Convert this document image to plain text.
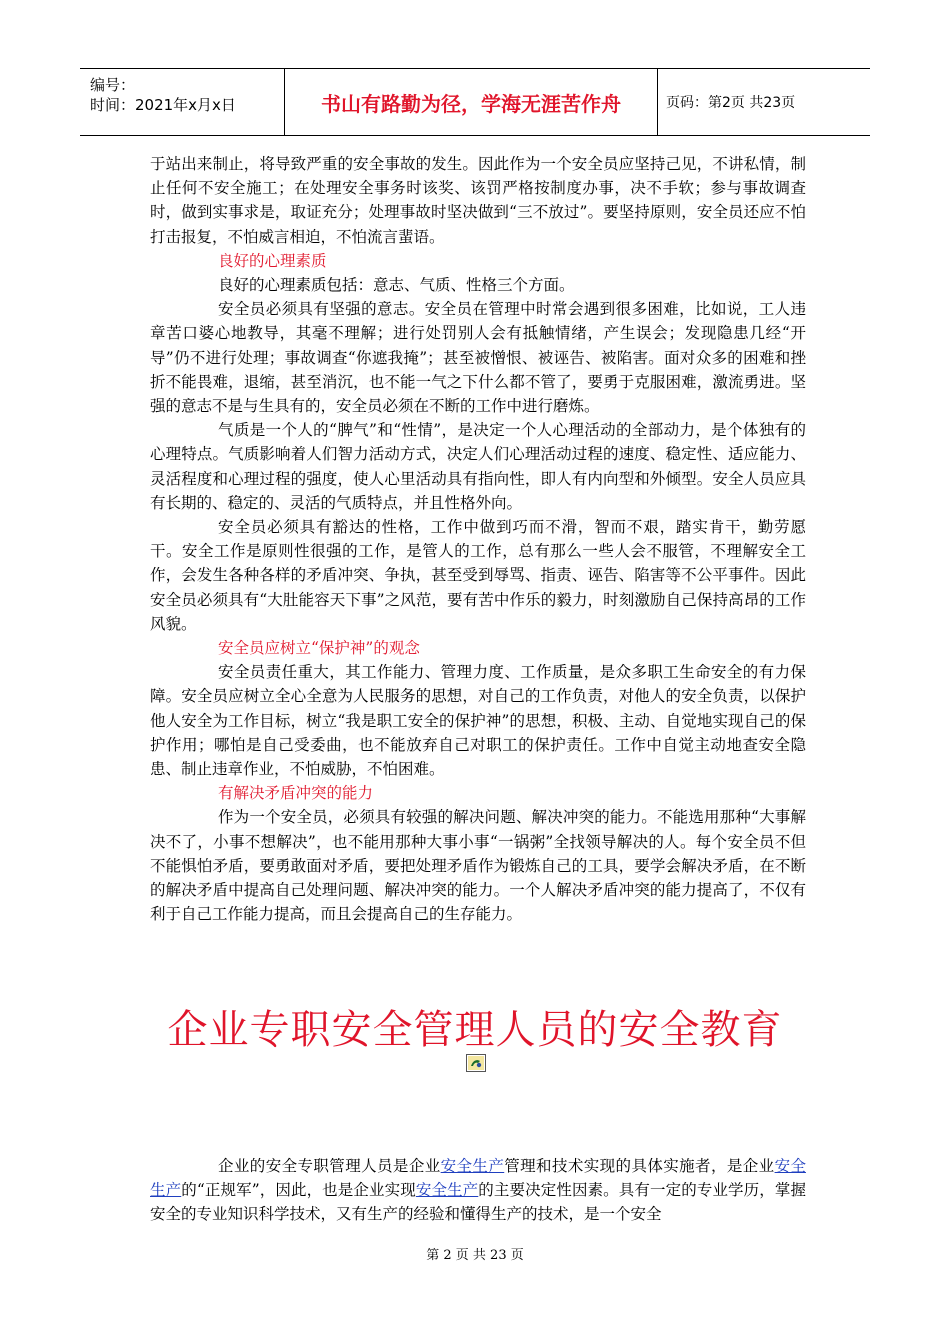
编号：
时间：2021年x月x日	书山有路勤为径，学海无涯苦作舟	页码：第2页 共23页

于站出来制止，将导致严重的安全事故的发生。因此作为一个安全员应坚持己见，不讲私情，制止任何不安全施工；在处理安全事务时该奖、该罚严格按制度办事，决不手软；参与事故调查时，做到实事求是，取证充分；处理事故时坚决做到“三不放过”。要坚持原则，安全员还应不怕打击报复，不怕威言相迫，不怕流言蜚语。

良好的心理素质

良好的心理素质包括：意志、气质、性格三个方面。

安全员必须具有坚强的意志。安全员在管理中时常会遇到很多困难，比如说，工人违章苦口婆心地教导，其毫不理解；进行处罚别人会有抵触情绪，产生误会；发现隐患几经“开导”仍不进行处理；事故调查“你遮我掩”；甚至被憎恨、被诬告、被陷害。面对众多的困难和挫折不能畏难，退缩，甚至消沉，也不能一气之下什么都不管了，要勇于克服困难，激流勇进。坚强的意志不是与生具有的，安全员必须在不断的工作中进行磨炼。

气质是一个人的“脾气”和“性情”，是决定一个人心理活动的全部动力，是个体独有的心理特点。气质影响着人们智力活动方式，决定人们心理活动过程的速度、稳定性、适应能力、灵活程度和心理过程的强度，使人心里活动具有指向性，即人有内向型和外倾型。安全人员应具有长期的、稳定的、灵活的气质特点，并且性格外向。

安全员必须具有豁达的性格，工作中做到巧而不滑，智而不艰，踏实肯干，勤劳愿干。安全工作是原则性很强的工作，是管人的工作，总有那么一些人会不服管，不理解安全工作，会发生各种各样的矛盾冲突、争执，甚至受到辱骂、指责、诬告、陷害等不公平事件。因此安全员必须具有“大肚能容天下事”之风范，要有苦中作乐的毅力，时刻激励自己保持高昂的工作风貌。

安全员应树立“保护神”的观念

安全员责任重大，其工作能力、管理力度、工作质量，是众多职工生命安全的有力保障。安全员应树立全心全意为人民服务的思想，对自己的工作负责，对他人的安全负责，以保护他人安全为工作目标，树立“我是职工安全的保护神”的思想，积极、主动、自觉地实现自己的保护作用；哪怕是自己受委曲，也不能放弃自己对职工的保护责任。工作中自觉主动地查安全隐患、制止违章作业，不怕威胁，不怕困难。

有解决矛盾冲突的能力

作为一个安全员，必须具有较强的解决问题、解决冲突的能力。不能选用那种“大事解决不了，小事不想解决”，也不能用那种大事小事“一锅粥”全找领导解决的人。每个安全员不但不能惧怕矛盾，要勇敢面对矛盾，要把处理矛盾作为锻炼自己的工具，要学会解决矛盾，在不断的解决矛盾中提高自己处理问题、解决冲突的能力。一个人解决矛盾冲突的能力提高了，不仅有利于自己工作能力提高，而且会提高自己的生存能力。

企业专职安全管理人员的安全教育

企业的安全专职管理人员是企业安全生产管理和技术实现的具体实施者，是企业安全生产的“正规军”，因此，也是企业实现安全生产的主要决定性因素。具有一定的专业学历，掌握安全的专业知识科学技术，又有生产的经验和懂得生产的技术，是一个安全

第 2 页 共 23 页
